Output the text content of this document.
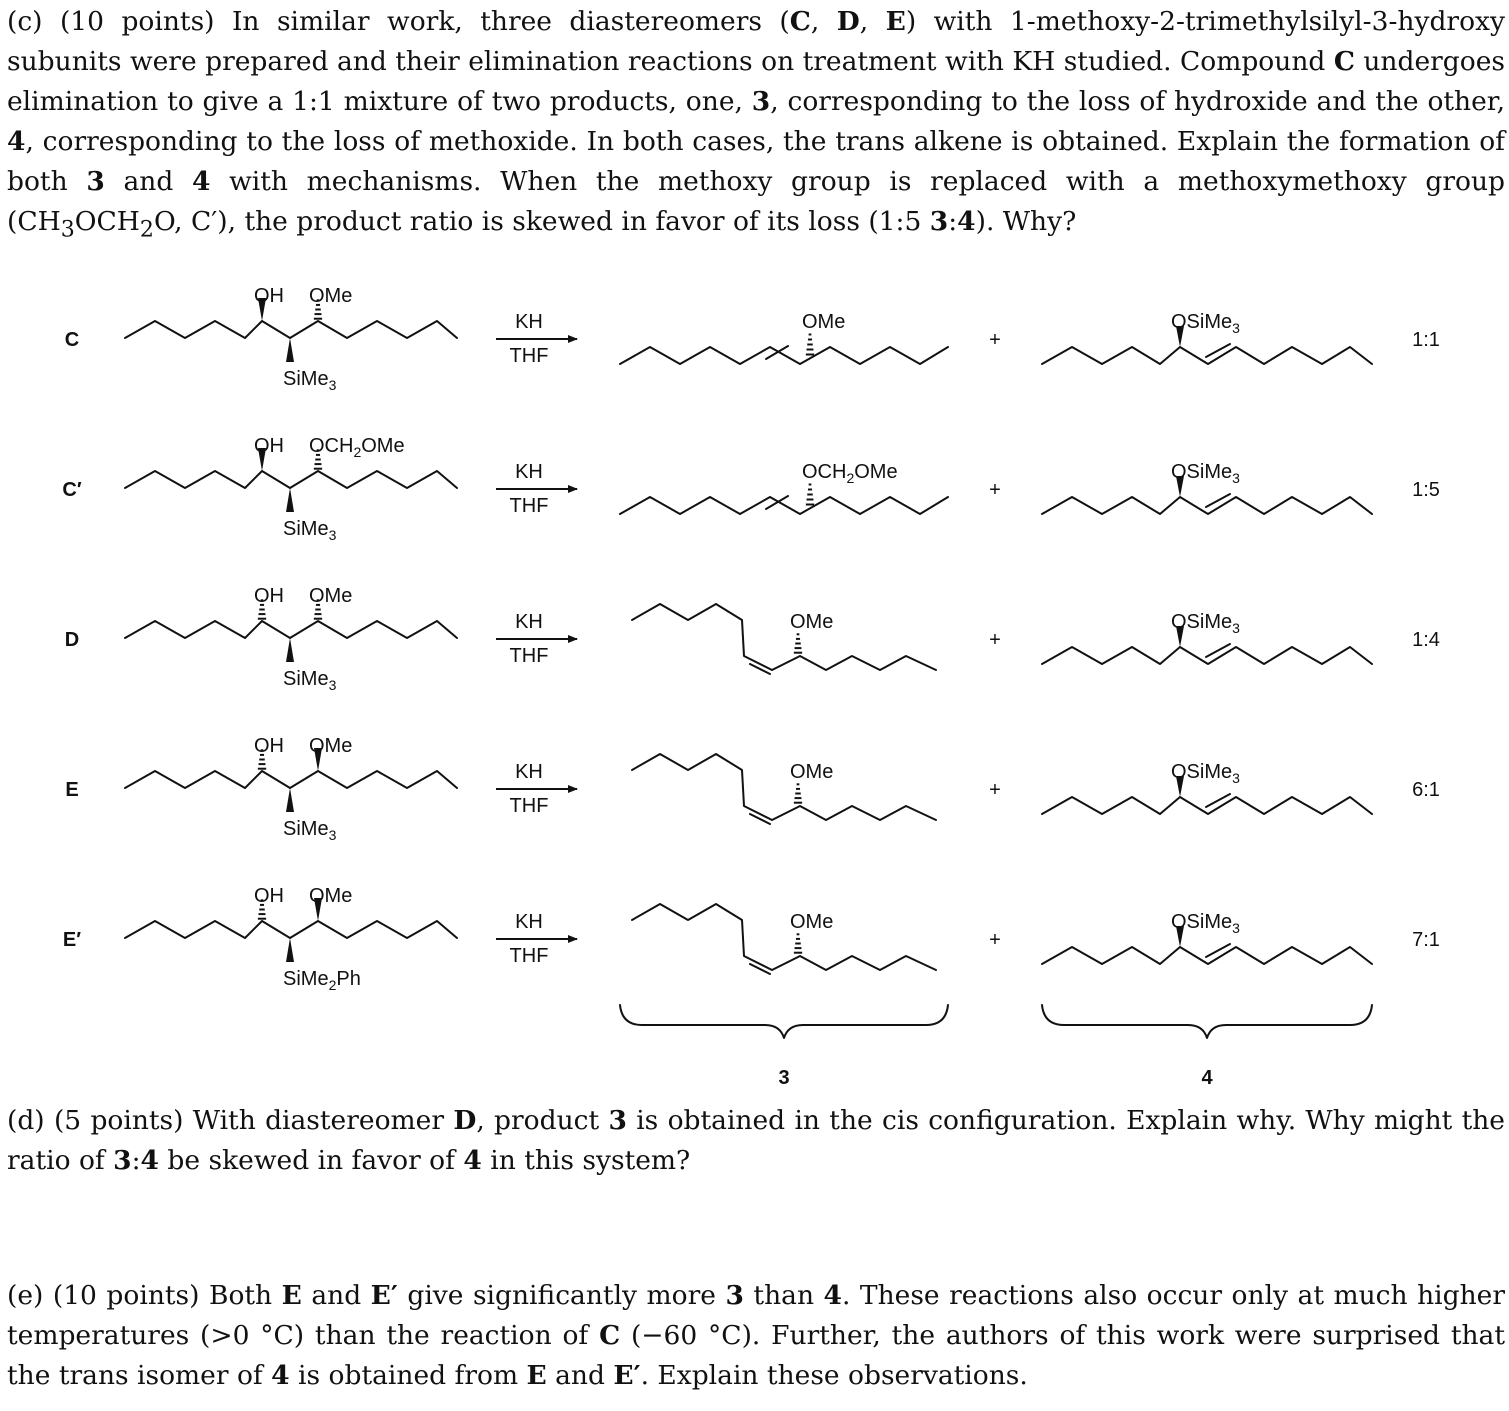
(c) (10 points) In similar work, three diastereomers (C, D, E) with 1-methoxy-2-trimethylsilyl-3-hydroxy subunits were prepared and their elimination reactions on treatment with KH studied. Compound C undergoes elimination to give a 1:1 mixture of two products, one, 3, corresponding to the loss of hydroxide and the other, 4, corresponding to the loss of methoxide. In both cases, the trans alkene is obtained. Explain the formation of both 3 and 4 with mechanisms. When the methoxy group is replaced with a methoxymethoxy group ($CH_3OCH_2O$, C′), the product ratio is skewed in favor of its loss (1:5 3:4). Why?
C
OH OMe
SiMe$_3$
KH
THF
OMe
+
OSiMe$_3$
1:1
C′
OH $OCH_2OMe$
SiMe$_3$
KH
THF
$OCH_2OMe$
+
OSiMe$_3$
1:5
D
OH OMe
SiMe$_3$
KH
THF
OMe
+
OSiMe$_3$
1:4
E
OH OMe
SiMe$_3$
KH
THF
OMe
+
OSiMe$_3$
6:1
E′
OH OMe
SiMe$_2$Ph
KH
THF
OMe
+
OSiMe$_3$
7:1
3	4
(d) (5 points) With diastereomer D, product 3 is obtained in the cis configuration. Explain why. Why might the ratio of 3:4 be skewed in favor of 4 in this system?
(e) (10 points) Both E and E′ give significantly more 3 than 4. These reactions also occur only at much higher temperatures (>0 °C) than the reaction of C (−60 °C). Further, the authors of this work were surprised that the trans isomer of 4 is obtained from E and E′. Explain these observations.
